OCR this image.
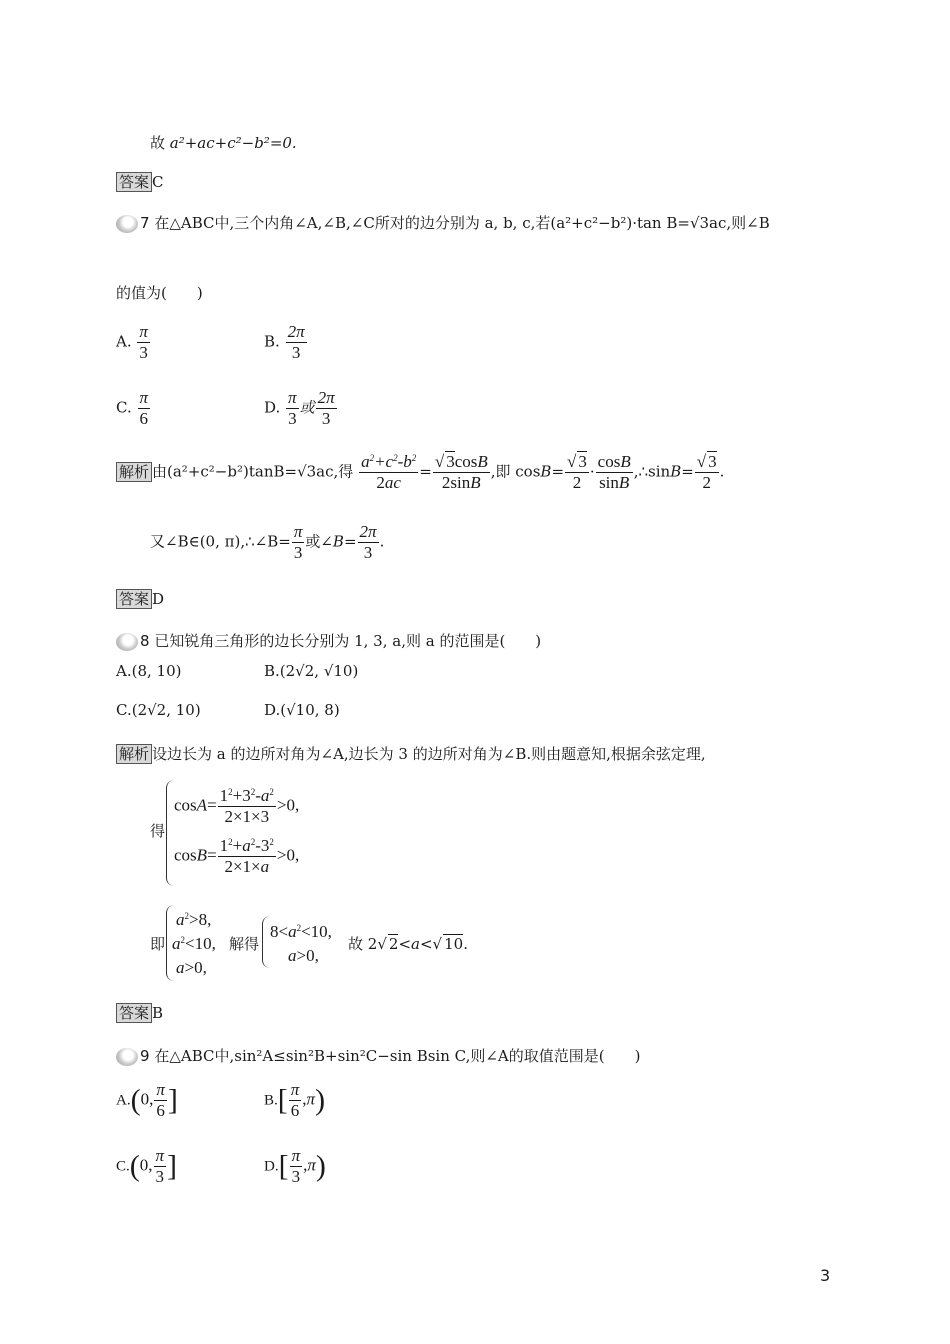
故 a²+ac+c²−b²=0.
答案 C
7 在△ABC中,三个内角∠A,∠B,∠C所对的边分别为 a, b, c,若(a²+c²−b²)·tan B=√3ac,则∠B
的值为(　　)
A. $\frac{\pi}{3}$	B. $\frac{2\pi}{3}$
C. $\frac{\pi}{6}$	D. $\frac{\pi}{3}$ 或 $\frac{2\pi}{3}$
解析 由(a²+c²−b²)tanB=√3ac,得 $\frac{a^2+c^2-b^2}{2ac} = \frac{√ 3\cos B}{2\sin B}$ ,即 $\cos B= \frac{√ 3}{2} \cdot \frac{\cos B}{\sin B}$ ,∴sinB= $\frac{√ 3}{2}$ .
又∠B∈(0, π),∴∠B= $\frac{\pi}{3}$ 或∠B= $\frac{2\pi}{3}$ .
答案 D
8 已知锐角三角形的边长分别为 1, 3, a,则 a 的范围是(　　)
A.(8, 10)	B.(2√2, √10)
C.(2√2, 10)	D.(√10, 8)
解析 设边长为 a 的边所对角为∠A,边长为 3 的边所对角为∠B.则由题意知,根据余弦定理,
得
$\cos A= \frac{1^2+3^2-a^2}{2\times 1\times 3} >0$,
$\cos B= \frac{1^2+a^2-3^2}{2\times 1\times a} >0$,
即
$a^2>8$,
$a^2<10$,
a>0,
解得
$8<a^2<10$,
a>0,
故 2√ 2<a<√ 10.
答案 B
9 在△ABC中,sin²A≤sin²B+sin²C−sin Bsin C,则∠A的取值范围是(　　)
A.(0, $\frac{\pi}{6}$ ]	$B.[ \frac{\pi}{6} ,\pi)$
C.(0, $\frac{\pi}{3}$ ]	$D.[ \frac{\pi}{3} ,\pi)$
3
